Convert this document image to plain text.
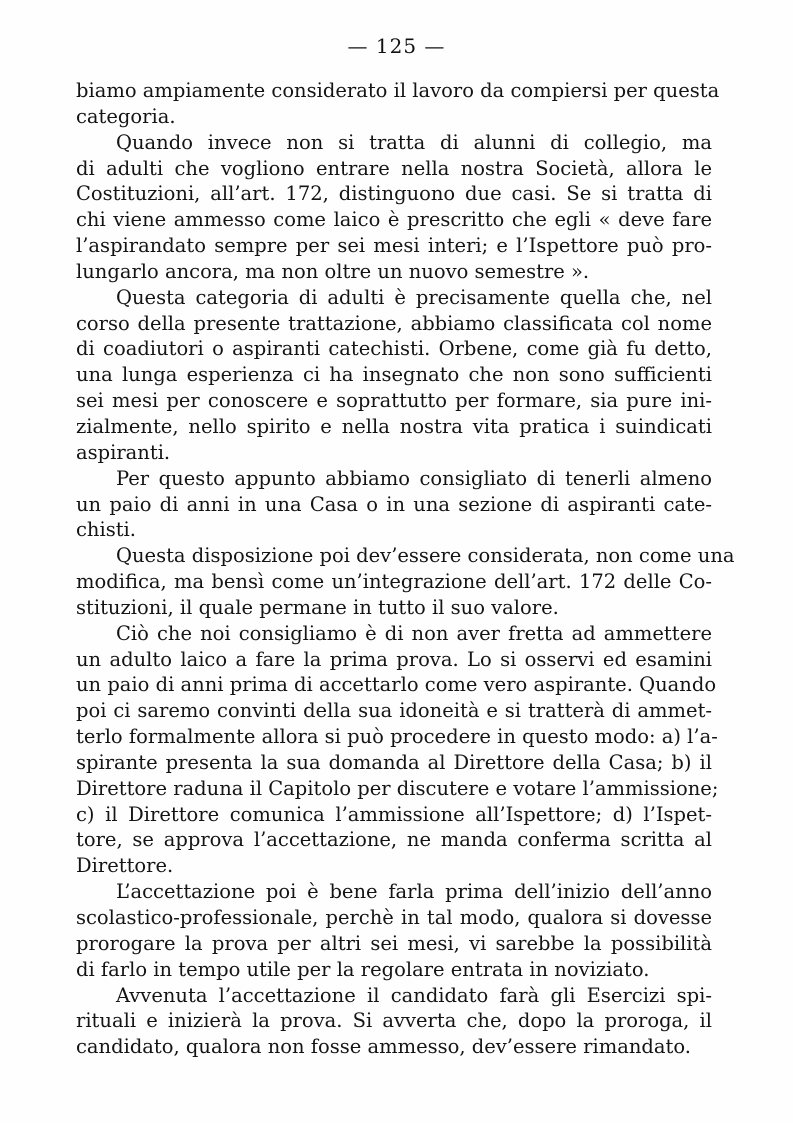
— 125 —

biamo ampiamente considerato il lavoro da compiersi per questa
categoria.

Quando invece non si tratta di alunni di collegio, ma
di adulti che vogliono entrare nella nostra Società, allora le
Costituzioni, all’art. 172, distinguono due casi. Se si tratta di
chi viene ammesso come laico è prescritto che egli « deve fare
l’aspirandato sempre per sei mesi interi; e l’Ispettore può pro-
lungarlo ancora, ma non oltre un nuovo semestre ».

Questa categoria di adulti è precisamente quella che, nel
corso della presente trattazione, abbiamo classificata col nome
di coadiutori o aspiranti catechisti. Orbene, come già fu detto,
una lunga esperienza ci ha insegnato che non sono sufficienti
sei mesi per conoscere e soprattutto per formare, sia pure ini-
zialmente, nello spirito e nella nostra vita pratica i suindicati
aspiranti.

Per questo appunto abbiamo consigliato di tenerli almeno
un paio di anni in una Casa o in una sezione di aspiranti cate-
chisti.

Questa disposizione poi dev’essere considerata, non come una
modifica, ma bensì come un’integrazione dell’art. 172 delle Co-
stituzioni, il quale permane in tutto il suo valore.

Ciò che noi consigliamo è di non aver fretta ad ammettere
un adulto laico a fare la prima prova. Lo si osservi ed esamini
un paio di anni prima di accettarlo come vero aspirante. Quando
poi ci saremo convinti della sua idoneità e si tratterà di ammet-
terlo formalmente allora si può procedere in questo modo: a) l’a-
spirante presenta la sua domanda al Direttore della Casa; b) il
Direttore raduna il Capitolo per discutere e votare l’ammissione;
c) il Direttore comunica l’ammissione all’Ispettore; d) l’Ispet-
tore, se approva l’accettazione, ne manda conferma scritta al
Direttore.

L’accettazione poi è bene farla prima dell’inizio dell’anno
scolastico-professionale, perchè in tal modo, qualora si dovesse
prorogare la prova per altri sei mesi, vi sarebbe la possibilità
di farlo in tempo utile per la regolare entrata in noviziato.

Avvenuta l’accettazione il candidato farà gli Esercizi spi-
rituali e inizierà la prova. Si avverta che, dopo la proroga, il
candidato, qualora non fosse ammesso, dev’essere rimandato.
